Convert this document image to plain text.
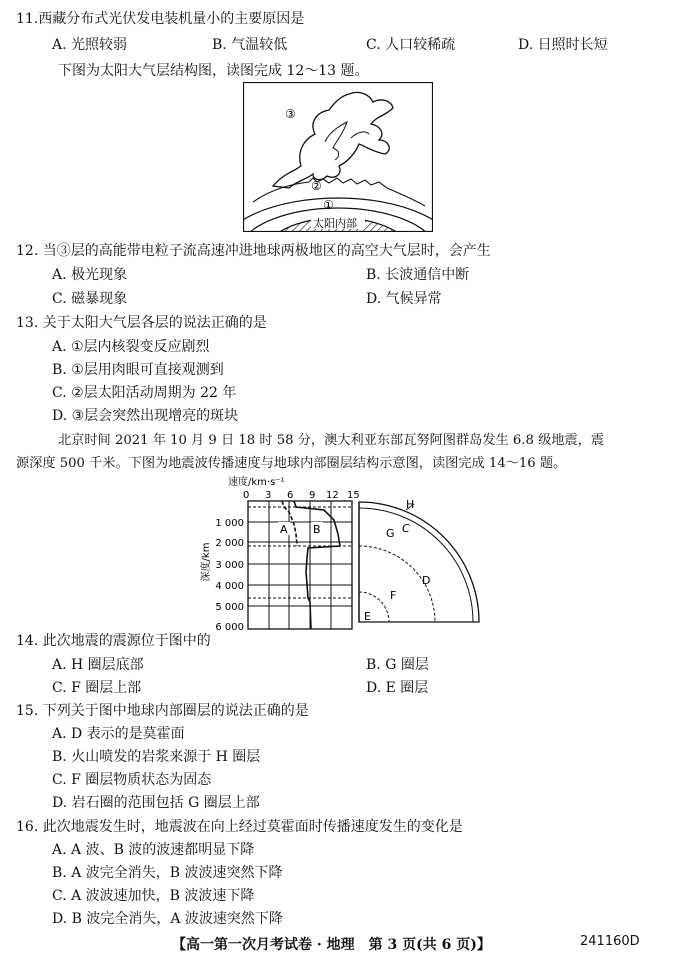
11.西藏分布式光伏发电装机量小的主要原因是
A. 光照较弱	B. 气温较低	C. 人口较稀疏	D. 日照时长短
下图为太阳大气层结构图，读图完成 12～13 题。
③
②
①
太阳内部
12. 当③层的高能带电粒子流高速冲进地球两极地区的高空大气层时，会产生
A. 极光现象	B. 长波通信中断
C. 磁暴现象	D. 气候异常
13. 关于太阳大气层各层的说法正确的是
A. ①层内核裂变反应剧烈
B. ①层用肉眼可直接观测到
C. ②层太阳活动周期为 22 年
D. ③层会突然出现增亮的斑块
北京时间 2021 年 10 月 9 日 18 时 58 分，澳大利亚东部瓦努阿图群岛发生 6.8 级地震，震
源深度 500 千米。下图为地震波传播速度与地球内部圈层结构示意图，读图完成 14～16 题。
速度/km·s⁻¹
0 3 6 9 12 15
深度/km
1 000
2 000
3 000
4 000
5 000
6 000
A B
H
C
G
D
F
E
14. 此次地震的震源位于图中的
A. H 圈层底部	B. G 圈层
C. F 圈层上部	D. E 圈层
15. 下列关于图中地球内部圈层的说法正确的是
A. D 表示的是莫霍面
B. 火山喷发的岩浆来源于 H 圈层
C. F 圈层物质状态为固态
D. 岩石圈的范围包括 G 圈层上部
16. 此次地震发生时，地震波在向上经过莫霍面时传播速度发生的变化是
A. A 波、B 波的波速都明显下降
B. A 波完全消失，B 波波速突然下降
C. A 波波速加快，B 波波速下降
D. B 波完全消失，A 波波速突然下降
【高一第一次月考试卷 · 地理　第 3 页(共 6 页)】	241160D
